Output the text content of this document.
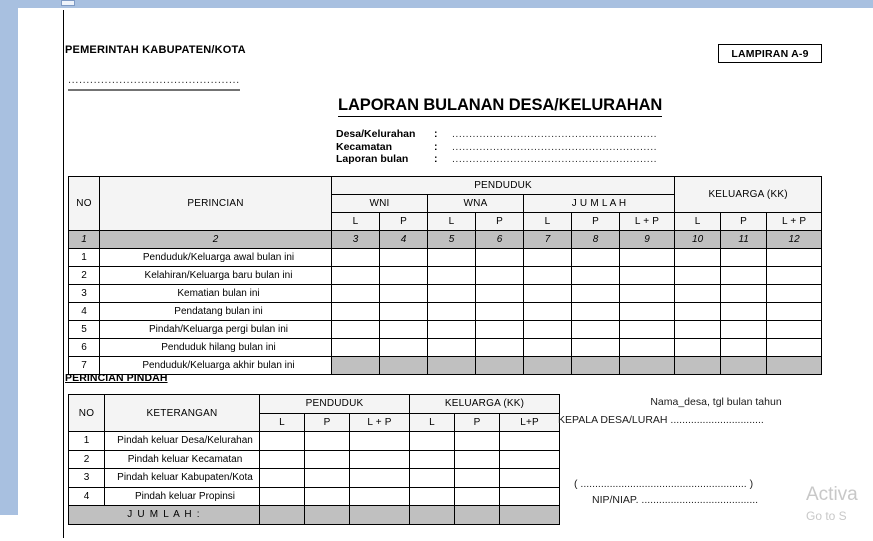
PEMERINTAH KABUPATEN/KOTA
...............................................
LAMPIRAN A-9
LAPORAN BULANAN DESA/KELURAHAN
Desa/Kelurahan	:	............................................................
Kecamatan	:	............................................................
Laporan bulan	:	............................................................
NO	PERINCIAN	PENDUDUK							KELUARGA (KK)		
		WNI		WNA		J U M L A H					
		L	P	L	P	L	P	L + P	L	P	L + P
1	2	3	4	5	6	7	8	9	10	11	12
1	Penduduk/Keluarga awal bulan ini										
2	Kelahiran/Keluarga baru bulan ini										
3	Kematian bulan ini										
4	Pendatang bulan ini										
5	Pindah/Keluarga pergi bulan ini										
6	Penduduk hilang bulan ini										
7	Penduduk/Keluarga akhir bulan ini										
PERINCIAN PINDAH
NO	KETERANGAN	PENDUDUK			KELUARGA (KK)		
		L	P	L + P	L	P	L+P
1	Pindah keluar Desa/Kelurahan						
2	Pindah keluar Kecamatan						
3	Pindah keluar Kabupaten/Kota						
4	Pindah keluar Propinsi						
J U M L A H :							
Nama_desa, tgl bulan tahun
KEPALA DESA/LURAH ................................
( ......................................................... )
NIP/NIAP. ........................................	Activa
Go to S
